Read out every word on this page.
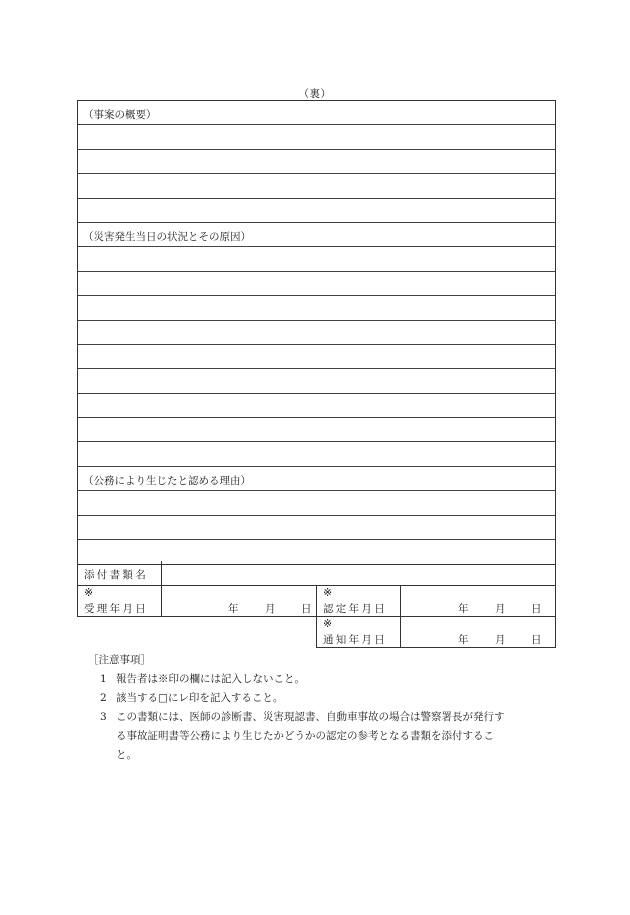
（裏）
（事案の概要）
（災害発生当日の状況とその原因）
（公務により生じたと認める理由）
添付書類名
※
受理年月日	年	月 日
※
認定年月日	年	月 日
※
通知年月日	年	月 日
［注意事項］
1 報告者は※印の欄には記入しないこと。
2 該当する□にレ印を記入すること。
3 この書類には、医師の診断書、災害現認書、自動車事故の場合は警察署長が発行す
る事故証明書等公務により生じたかどうかの認定の参考となる書類を添付するこ
と。
